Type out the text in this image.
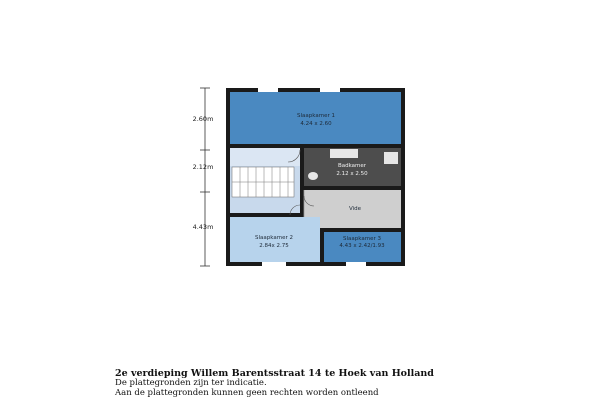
2.60m
2.12m
4.43m
Slaapkamer 1
4.24 x 2.60
Badkamer
2.12 x 2.50
Vide
Slaapkamer 2
2.84x 2.75
Slaapkamer 3
4.43 x 2.42/1.93
2e verdieping Willem Barentsstraat 14 te Hoek van Holland
De plattegronden zijn ter indicatie.
Aan de plattegronden kunnen geen rechten worden ontleend
